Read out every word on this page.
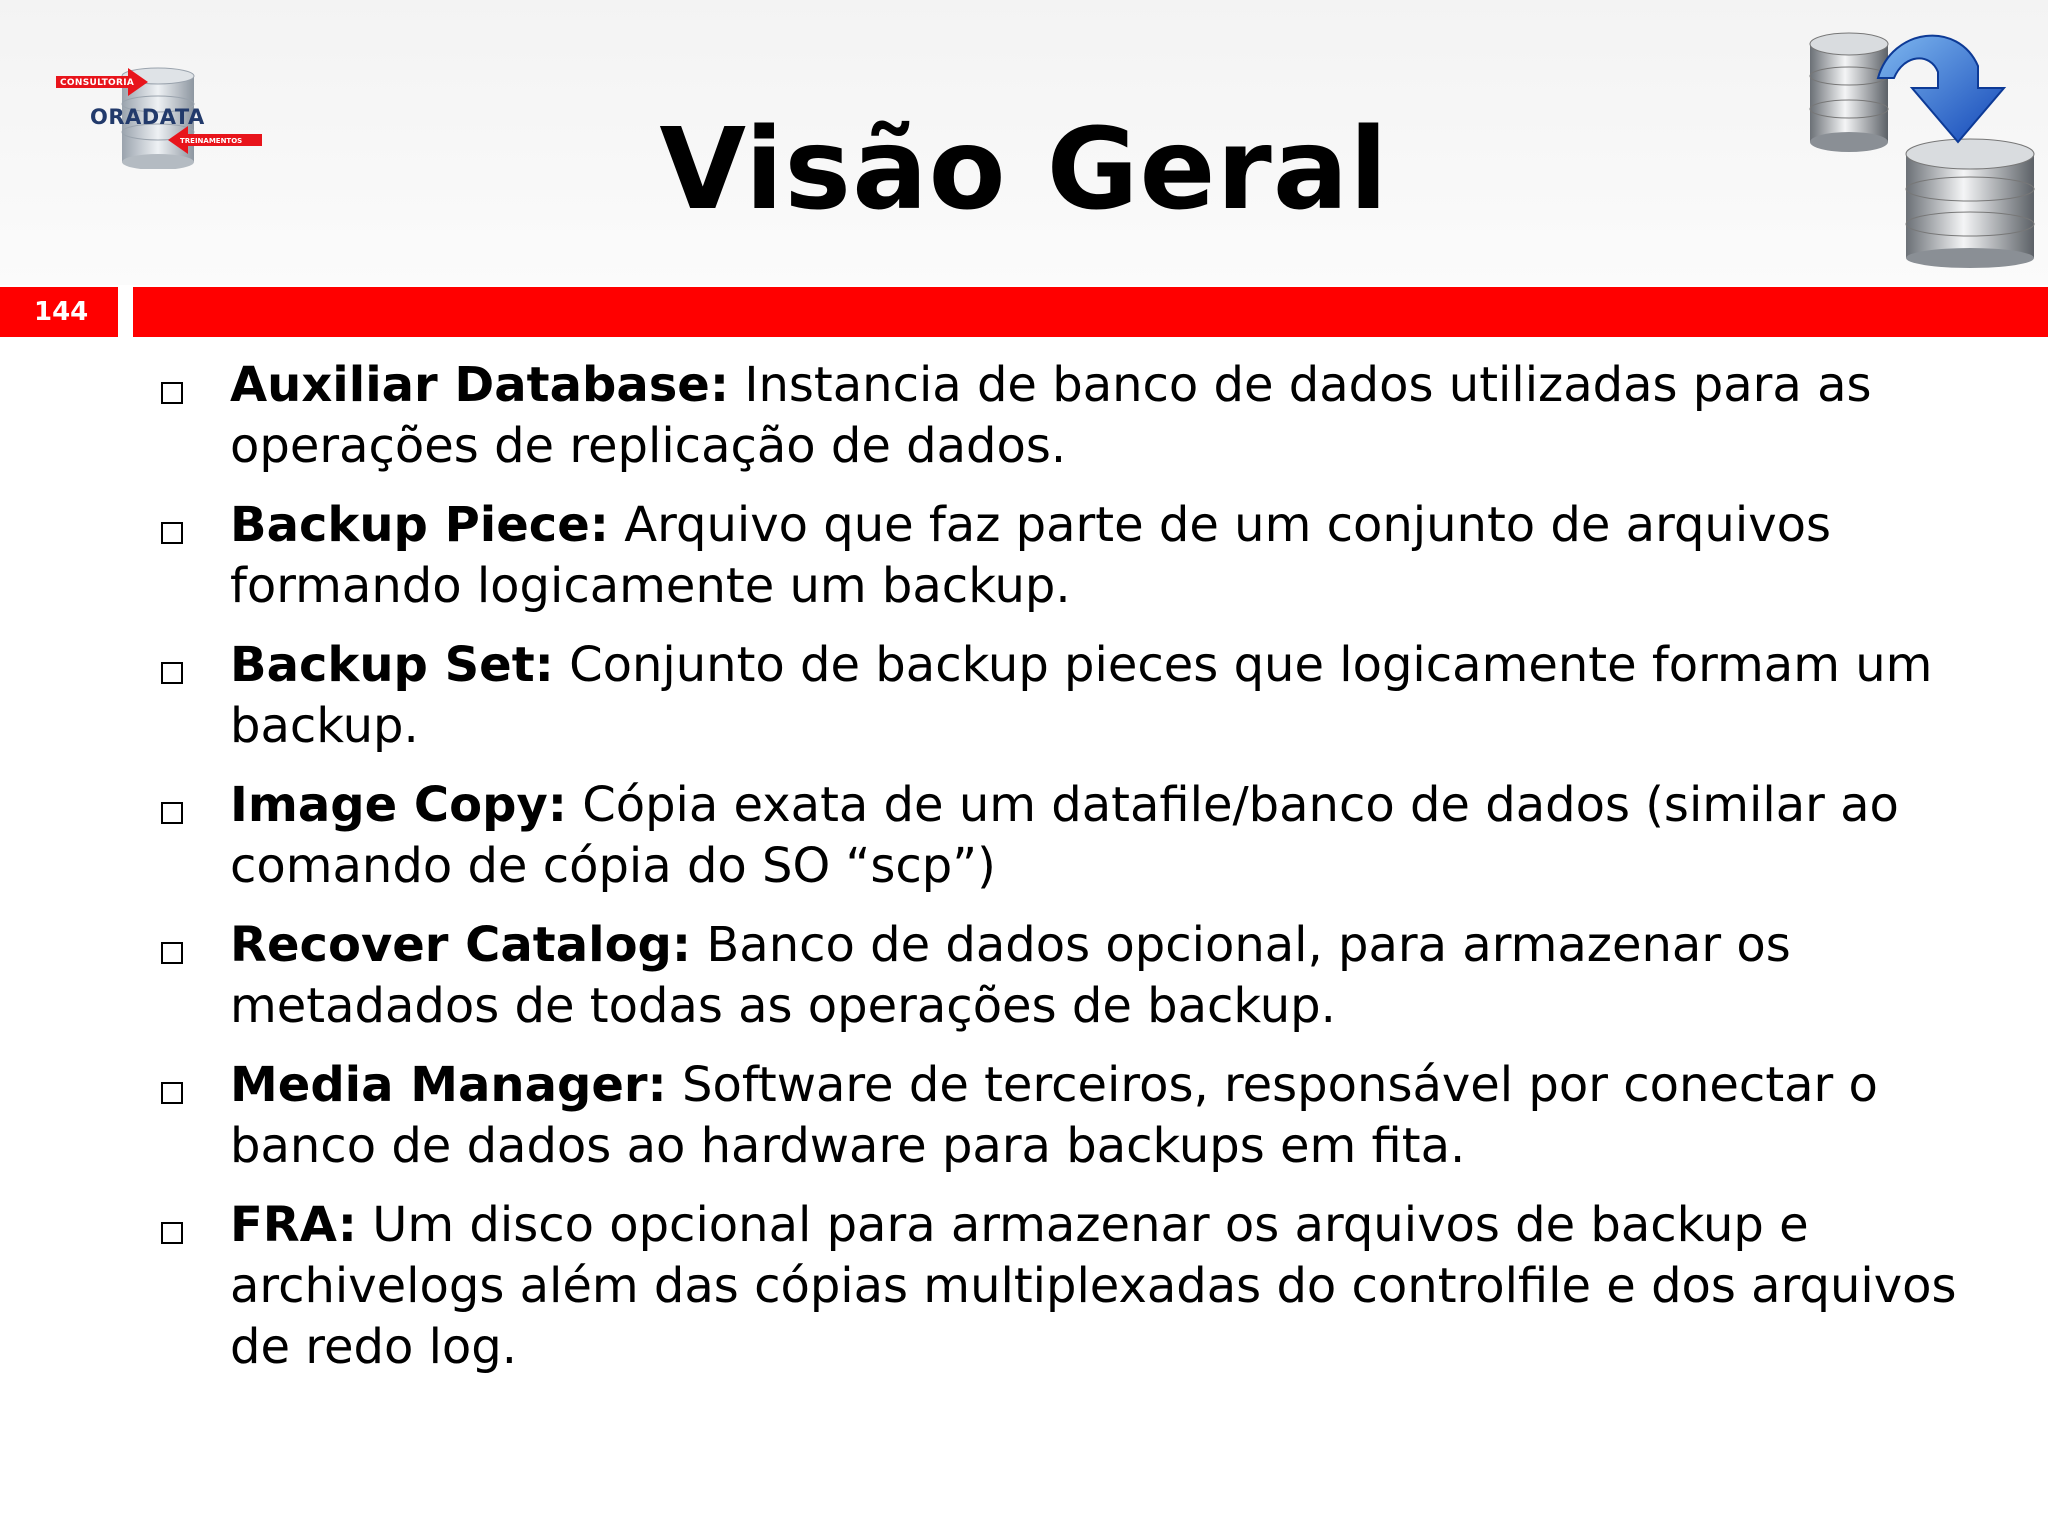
CONSULTORIA
ORADATA
TREINAMENTOS	Visão Geral
144
Auxiliar Database: Instancia de banco de dados utilizadas para as operações de replicação de dados.
Backup Piece: Arquivo que faz parte de um conjunto de arquivos formando logicamente um backup.
Backup Set: Conjunto de backup pieces que logicamente formam um backup.
Image Copy: Cópia exata de um datafile/banco de dados (similar ao comando de cópia do SO “scp”)
Recover Catalog: Banco de dados opcional, para armazenar os metadados de todas as operações de backup.
Media Manager: Software de terceiros, responsável por conectar o banco de dados ao hardware para backups em fita.
FRA: Um disco opcional para armazenar os arquivos de backup e archivelogs além das cópias multiplexadas do controlfile e dos arquivos de redo log.
